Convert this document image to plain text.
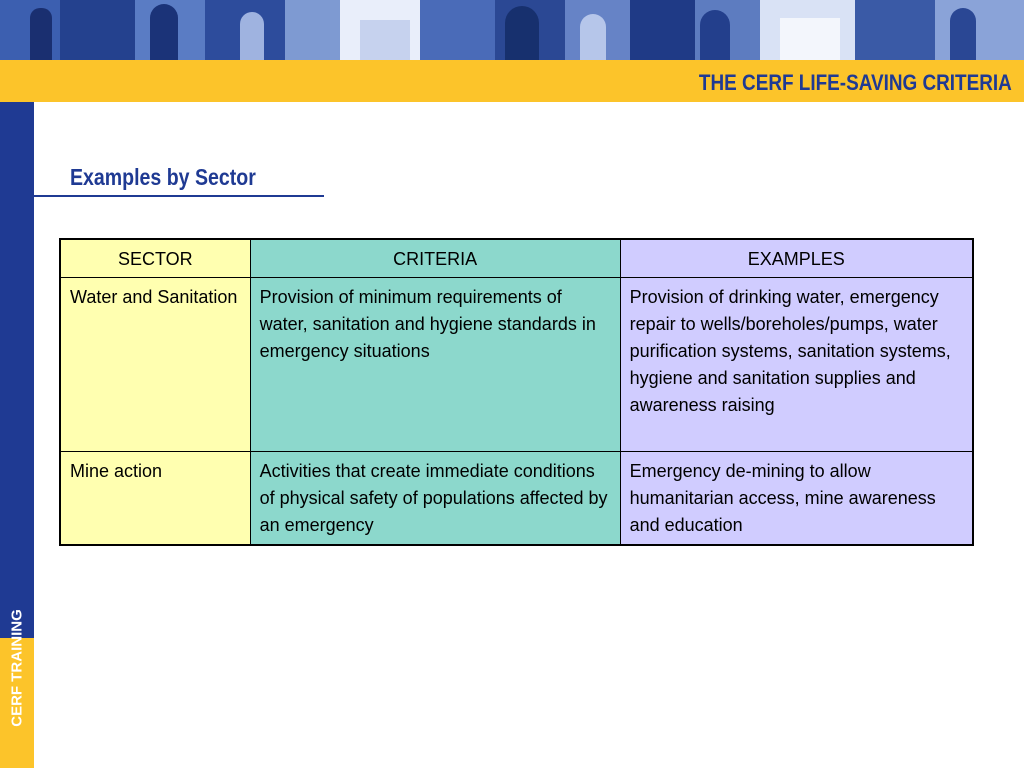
THE CERF LIFE-SAVING CRITERIA
CERF TRAINING
Examples by Sector
SECTOR	CRITERIA	EXAMPLES
Water and Sanitation	Provision of minimum requirements of water, sanitation and hygiene standards in emergency situations	Provision of drinking water, emergency repair to wells/boreholes/pumps, water purification systems, sanitation systems, hygiene and sanitation supplies and awareness raising
Mine action	Activities that create immediate conditions of physical safety of populations affected by an emergency	Emergency de-mining to allow humanitarian access, mine awareness and education
